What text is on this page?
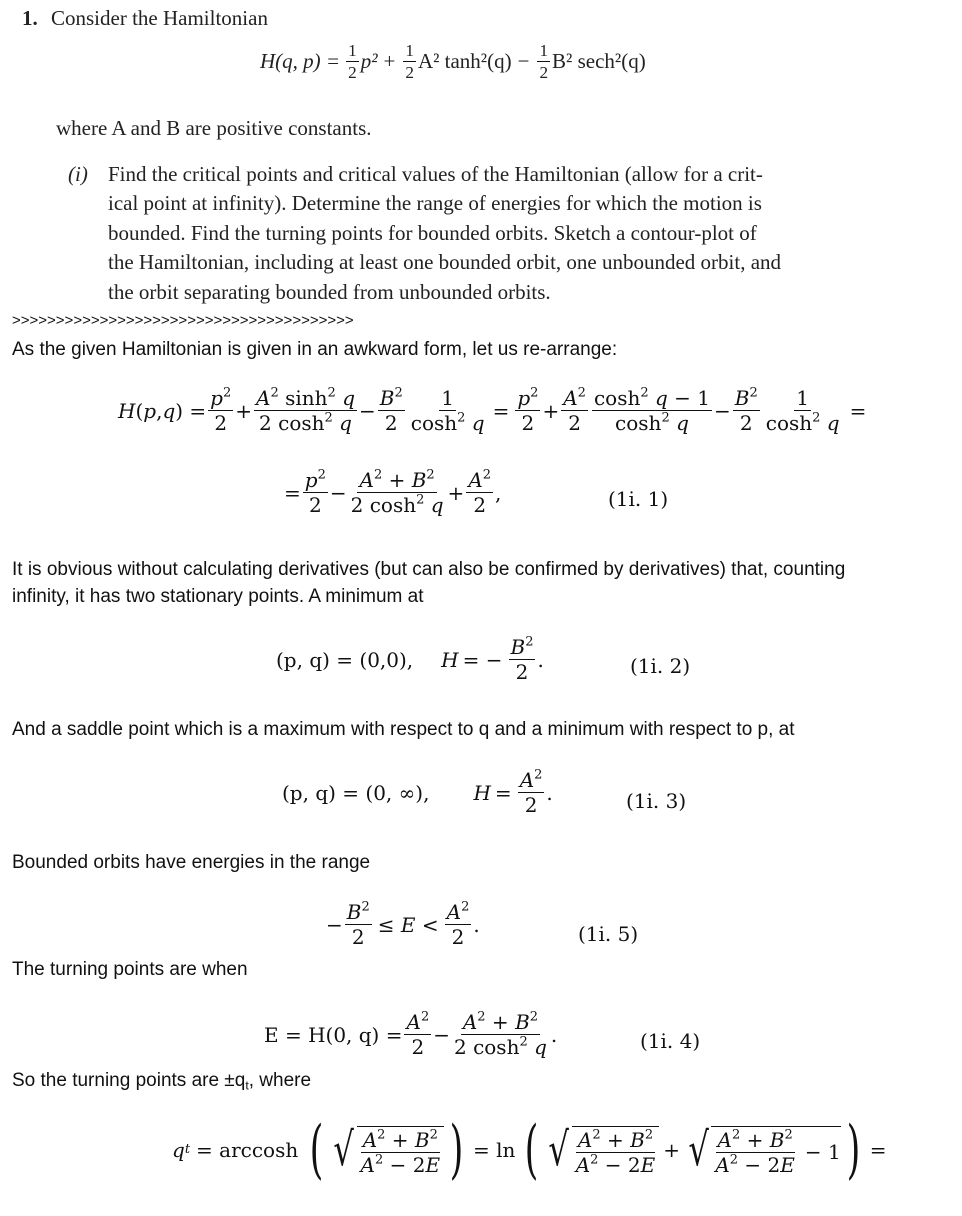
1. Consider the Hamiltonian
H(q, $p) = \frac{1}{2} p^2 + \frac{1}{2} A^2$ $\tanh^2(q) - \frac{1}{2} B^2$ sech²(q)
where A and B are positive constants.
(i) Find the critical points and critical values of the Hamiltonian (allow for a crit-
ical point at infinity). Determine the range of energies for which the motion is
bounded. Find the turning points for bounded orbits. Sketch a contour-plot of
the Hamiltonian, including at least one bounded orbit, one unbounded orbit, and
the orbit separating bounded from unbounded orbits.
>>>>>>>>>>>>>>>>>>>>>>>>>>>>>>>>>>>>>>>
As the given Hamiltonian is given in an awkward form, let us re-arrange:
H ( p , q ) = $\frac{p^2}{2} + \frac{A^2 \sinh^2 q}{2 \cosh^2 q} - \frac{B^2}{2} \frac{1}{\cosh^2 q} = \frac{p^2}{2} + \frac{A^2}{2} \frac{\cosh^2 q - 1}{\cosh^2 q} - \frac{B^2}{2} \frac{1}{\cosh^2 q}$ =
= $\frac{p^2}{2} - \frac{A^2 + B^2}{2 \cosh^2 q} + \frac{A^2}{2}$ ,	(1i. 1)
It is obvious without calculating derivatives (but can also be confirmed by derivatives) that, counting
infinity, it has two stationary points. A minimum at
(p, q) = (0,0), H = − $\frac{B^2}{2}$ .	(1i. 2)
And a saddle point which is a maximum with respect to q and a minimum with respect to p, at
(p, q) = (0, ∞), $H = \frac{A^2}{2}$ .	(1i. 3)
Bounded orbits have energies in the range
− $\frac{B^2}{2} \le E < \frac{A^2}{2}$ .	(1i. 5)
The turning points are when
E = H(0, $q) = \frac{A^2}{2} - \frac{A^2 + B^2}{2 \cosh^2 q}$ .	(1i. 4)
So the turning points are $\pm q_t$, where
q t = arccosh ( √ $\frac{A^2 + B^2}{A^2 - 2E}$ ) = ln ( √ $\frac{A^2 + B^2}{A^2 - 2E}$ + √ $\frac{A^2 + B^2}{A^2 - 2E} - 1$ ) =
